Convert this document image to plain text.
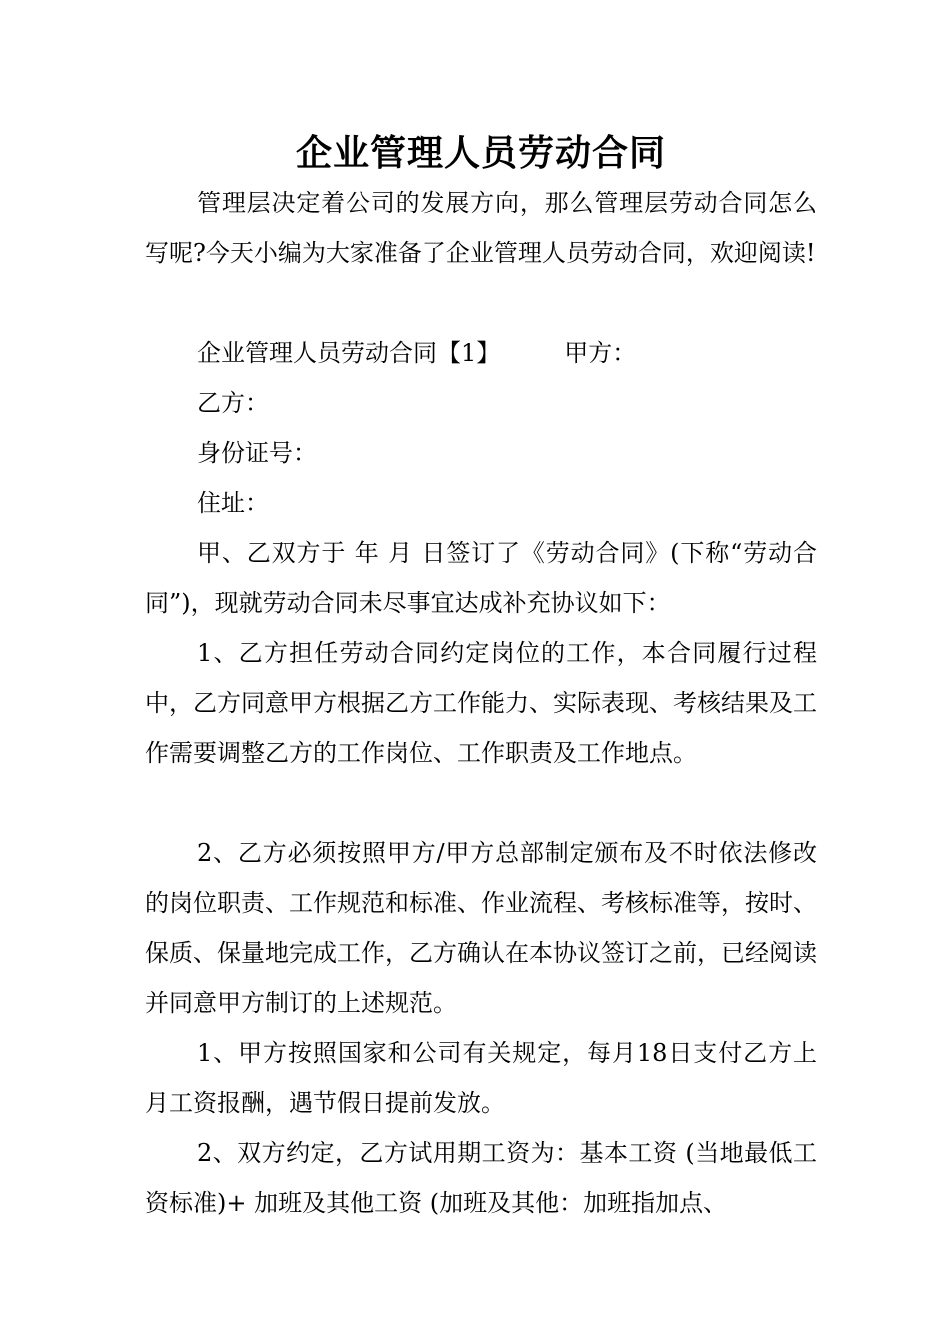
企业管理人员劳动合同

管理层决定着公司的发展方向，那么管理层劳动合同怎么写呢?今天小编为大家准备了企业管理人员劳动合同，欢迎阅读!

企业管理人员劳动合同【1】	甲方：
乙方：
身份证号：
住址：

甲、乙双方于 年 月 日签订了《劳动合同》(下称“劳动合同”)，现就劳动合同未尽事宜达成补充协议如下：

1、乙方担任劳动合同约定岗位的工作，本合同履行过程中，乙方同意甲方根据乙方工作能力、实际表现、考核结果及工作需要调整乙方的工作岗位、工作职责及工作地点。

2、乙方必须按照甲方/甲方总部制定颁布及不时依法修改的岗位职责、工作规范和标准、作业流程、考核标准等，按时、保质、保量地完成工作，乙方确认在本协议签订之前，已经阅读并同意甲方制订的上述规范。

1、甲方按照国家和公司有关规定，每月18日支付乙方上月工资报酬，遇节假日提前发放。

2、双方约定，乙方试用期工资为：基本工资 (当地最低工资标准)+ 加班及其他工资 (加班及其他：加班指加点、
